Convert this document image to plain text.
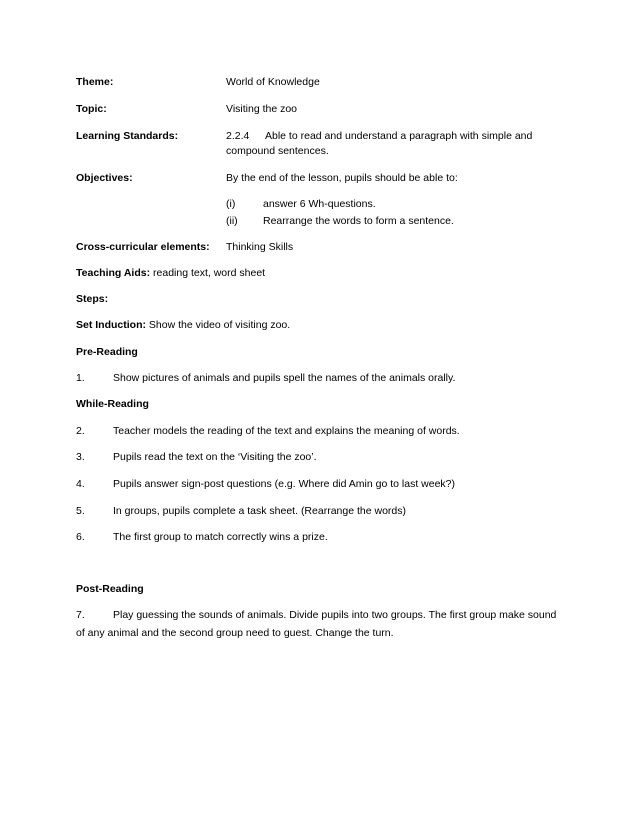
Theme:	World of Knowledge
Topic:	Visiting the zoo
Learning Standards:	2.2.4 Able to read and understand a paragraph with simple and
compound sentences.
Objectives:	By the end of the lesson, pupils should be able to:
(i)	answer 6 Wh-questions.
(ii) Rearrange the words to form a sentence.
Cross-curricular elements: Thinking Skills
Teaching Aids: reading text, word sheet
Steps:
Set Induction: Show the video of visiting zoo.
Pre-Reading
1.	Show pictures of animals and pupils spell the names of the animals orally.
While-Reading
2.	Teacher models the reading of the text and explains the meaning of words.
3.	Pupils read the text on the ‘Visiting the zoo’.
4.	Pupils answer sign-post questions (e.g. Where did Amin go to last week?)
5.	In groups, pupils complete a task sheet. (Rearrange the words)
6.	The first group to match correctly wins a prize.
Post-Reading
7.	Play guessing the sounds of animals. Divide pupils into two groups. The first group make sound
of any animal and the second group need to guest. Change the turn.
